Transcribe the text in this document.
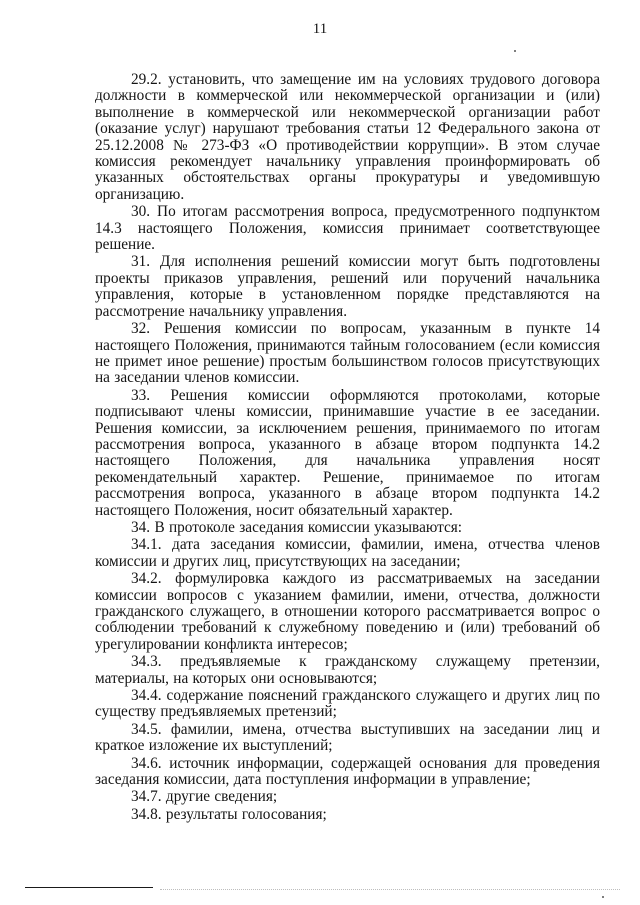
11

29.2. установить, что замещение им на условиях трудового договора должности в коммерческой или некоммерческой организации и (или) выполнение в коммерческой или некоммерческой организации работ (оказание услуг) нарушают требования статьи 12 Федерального закона от 25.12.2008 № 273-ФЗ «О противодействии коррупции». В этом случае комиссия рекомендует начальнику управления проинформировать об указанных обстоятельствах органы прокуратуры и уведомившую организацию.

30. По итогам рассмотрения вопроса, предусмотренного подпунктом 14.3 настоящего Положения, комиссия принимает соответствующее решение.

31. Для исполнения решений комиссии могут быть подготовлены проекты приказов управления, решений или поручений начальника управления, которые в установленном порядке представляются на рассмотрение начальнику управления.

32. Решения комиссии по вопросам, указанным в пункте 14 настоящего Положения, принимаются тайным голосованием (если комиссия не примет иное решение) простым большинством голосов присутствующих на заседании членов комиссии.

33. Решения комиссии оформляются протоколами, которые подписывают члены комиссии, принимавшие участие в ее заседании. Решения комиссии, за исключением решения, принимаемого по итогам рассмотрения вопроса, указанного в абзаце втором подпункта 14.2 настоящего Положения, для начальника управления носят рекомендательный характер. Решение, принимаемое по итогам рассмотрения вопроса, указанного в абзаце втором подпункта 14.2 настоящего Положения, носит обязательный характер.

34. В протоколе заседания комиссии указываются:

34.1. дата заседания комиссии, фамилии, имена, отчества членов комиссии и других лиц, присутствующих на заседании;

34.2. формулировка каждого из рассматриваемых на заседании комиссии вопросов с указанием фамилии, имени, отчества, должности гражданского служащего, в отношении которого рассматривается вопрос о соблюдении требований к служебному поведению и (или) требований об урегулировании конфликта интересов;

34.3. предъявляемые к гражданскому служащему претензии, материалы, на которых они основываются;

34.4. содержание пояснений гражданского служащего и других лиц по существу предъявляемых претензий;

34.5. фамилии, имена, отчества выступивших на заседании лиц и краткое изложение их выступлений;

34.6. источник информации, содержащей основания для проведения заседания комиссии, дата поступления информации в управление;

34.7. другие сведения;

34.8. результаты голосования;
